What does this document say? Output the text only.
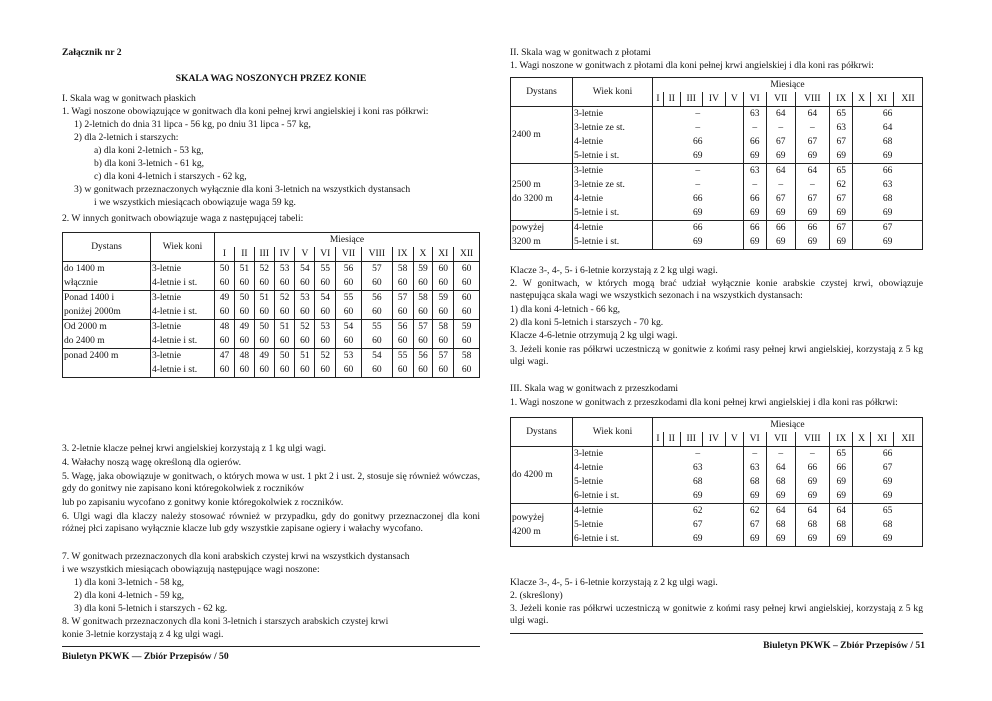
Załącznik nr 2
SKALA WAG NOSZONYCH PRZEZ KONIE
I. Skala wag w gonitwach płaskich
1. Wagi noszone obowiązujące w gonitwach dla koni pełnej krwi angielskiej i koni ras półkrwi:
1) 2-letnich do dnia 31 lipca - 56 kg, po dniu 31 lipca - 57 kg,
2) dla 2-letnich i starszych:
a) dla koni 2-letnich - 53 kg,
b) dla koni 3-letnich - 61 kg,
c) dla koni 4-letnich i starszych - 62 kg,
3) w gonitwach przeznaczonych wyłącznie dla koni 3-letnich na wszystkich dystansach
i we wszystkich miesiącach obowiązuje waga 59 kg.
2. W innych gonitwach obowiązuje waga z następującej tabeli:
Dystans	Wiek koni	Miesiące											
		I	II	III	IV	V	VI	VII	VIII	IX	X	XI	XII
do 1400 m	3-letnie	50	51	52	53	54	55	56	57	58	59	60	60
włącznie	4-letnie i st.	60	60	60	60	60	60	60	60	60	60	60	60
Ponad 1400 i	3-letnie	49	50	51	52	53	54	55	56	57	58	59	60
poniżej 2000m	4-letnie i st.	60	60	60	60	60	60	60	60	60	60	60	60
Od 2000 m	3-letnie	48	49	50	51	52	53	54	55	56	57	58	59
do 2400 m	4-letnie i st.	60	60	60	60	60	60	60	60	60	60	60	60
ponad 2400 m	3-letnie	47	48	49	50	51	52	53	54	55	56	57	58
	4-letnie i st.	60	60	60	60	60	60	60	60	60	60	60	60
3. 2-letnie klacze pełnej krwi angielskiej korzystają z 1 kg ulgi wagi.
4. Wałachy noszą wagę określoną dla ogierów.
5. Wagę, jaka obowiązuje w gonitwach, o których mowa w ust. 1 pkt 2 i ust. 2, stosuje się również wówczas, gdy do gonitwy nie zapisano koni któregokolwiek z roczników
lub po zapisaniu wycofano z gonitwy konie któregokolwiek z roczników.
6. Ulgi wagi dla klaczy należy stosować również w przypadku, gdy do gonitwy przeznaczonej dla koni różnej płci zapisano wyłącznie klacze lub gdy wszystkie zapisane ogiery i wałachy wycofano.
7. W gonitwach przeznaczonych dla koni arabskich czystej krwi na wszystkich dystansach
i we wszystkich miesiącach obowiązują następujące wagi noszone:
1) dla koni 3-letnich - 58 kg,
2) dla koni 4-letnich - 59 kg,
3) dla koni 5-letnich i starszych - 62 kg.
8. W gonitwach przeznaczonych dla koni 3-letnich i starszych arabskich czystej krwi
konie 3-letnie korzystają z 4 kg ulgi wagi.
Biuletyn PKWK — Zbiór Przepisów / 50
II. Skala wag w gonitwach z płotami
1. Wagi noszone w gonitwach z płotami dla koni pełnej krwi angielskiej i dla koni ras półkrwi:
Dystans	Wiek koni	Miesiące											
		I	II	III	IV	V	VI	VII	VIII	IX	X	XI	XII

2400 m	3-letnie	–					63	64	64	65	66		
	3-letnie ze st.	–					–	–	–	63	64		
	4-letnie	66					66	67	67	67	68		
	5-letnie i st.	69					69	69	69	69	69		

2500 m
do 3200 m	3-letnie	–					63	64	64	65	66		
	3-letnie ze st.	–					–	–	–	62	63		
	4-letnie	66					66	67	67	67	68		
	5-letnie i st.	69					69	69	69	69	69		

powyżej
3200 m	4-letnie	66					66	66	66	67	67		
	5-letnie i st.	69					69	69	69	69	69		
Klacze 3-, 4-, 5- i 6-letnie korzystają z 2 kg ulgi wagi.
2. W gonitwach, w których mogą brać udział wyłącznie konie arabskie czystej krwi, obowiązuje następująca skala wagi we wszystkich sezonach i na wszystkich dystansach:
1) dla koni 4-letnich - 66 kg,
2) dla koni 5-letnich i starszych - 70 kg.
Klacze 4-6-letnie otrzymują 2 kg ulgi wagi.
3. Jeżeli konie ras półkrwi uczestniczą w gonitwie z końmi rasy pełnej krwi angielskiej, korzystają z 5 kg ulgi wagi.
III. Skala wag w gonitwach z przeszkodami
1. Wagi noszone w gonitwach z przeszkodami dla koni pełnej krwi angielskiej i dla koni ras półkrwi:
Dystans	Wiek koni	Miesiące											
		I	II	III	IV	V	VI	VII	VIII	IX	X	XI	XII

do 4200 m	3-letnie	–					–	–	–	65	66		
	4-letnie	63					63	64	66	66	67		
	5-letnie	68					68	68	69	69	69		
	6-letnie i st.	69					69	69	69	69	69		

powyżej
4200 m	4-letnie	62					62	64	64	64	65		
	5-letnie	67					67	68	68	68	68		
	6-letnie i st.	69					69	69	69	69	69		
Klacze 3-, 4-, 5- i 6-letnie korzystają z 2 kg ulgi wagi.
2. (skreślony)
3. Jeżeli konie ras półkrwi uczestniczą w gonitwie z końmi rasy pełnej krwi angielskiej, korzystają z 5 kg ulgi wagi.
Biuletyn PKWK – Zbiór Przepisów / 51
